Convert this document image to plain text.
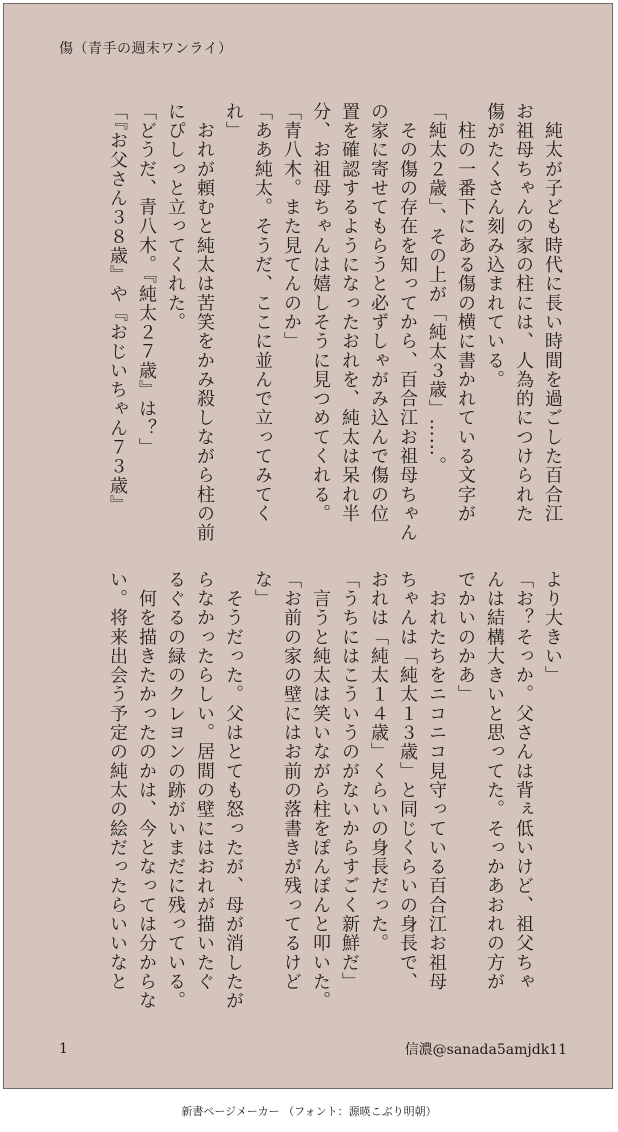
傷（青手の週末ワンライ）

　純太が子ども時代に長い時間を過ごした百合江

お祖母ちゃんの家の柱には、人為的につけられた

傷がたくさん刻み込まれている。

　柱の一番下にある傷の横に書かれている文字が

「純太２歳」、その上が「純太３歳」……。

　その傷の存在を知ってから、百合江お祖母ちゃん

の家に寄せてもらうと必ずしゃがみ込んで傷の位

置を確認するようになったおれを、純太は呆れ半

分、お祖母ちゃんは嬉しそうに見つめてくれる。

「青八木。また見てんのか」

「ああ純太。そうだ、ここに並んで立ってみてく

れ」

　おれが頼むと純太は苦笑をかみ殺しながら柱の前

にぴしっと立ってくれた。

「どうだ、青八木。『純太２７歳』は？」

「『お父さん３８歳』や『おじいちゃん７３歳』

より大きい」

「お？そっか。父さんは背ぇ低いけど、祖父ちゃ

んは結構大きいと思ってた。そっかあおれの方が

でかいのかあ」

　おれたちをニコニコ見守っている百合江お祖母

ちゃんは「純太１３歳」と同じくらいの身長で、

おれは「純太１４歳」くらいの身長だった。

「うちにはこういうのがないからすごく新鮮だ」

　言うと純太は笑いながら柱をぽんぽんと叩いた。

「お前の家の壁にはお前の落書きが残ってるけど

な」

　そうだった。父はとても怒ったが、母が消したが

らなかったらしい。居間の壁にはおれが描いたぐ

るぐるの緑のクレヨンの跡がいまだに残っている。

　何を描きたかったのかは、今となっては分からな

い。将来出会う予定の純太の絵だったらいいなと

1	信濃@sanada5amjdk11
新書ページメーカー （フォント：源暎こぶり明朝）
